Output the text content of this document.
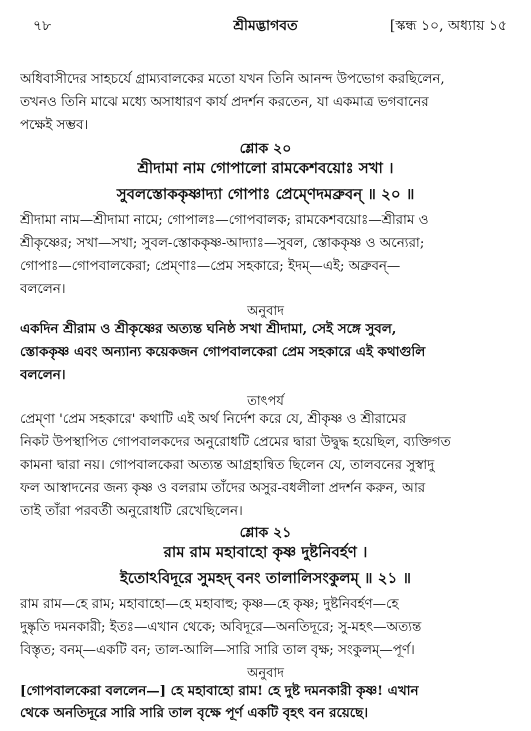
৭৮	শ্রীমদ্ভাগবত	[স্কন্ধ ১০, অধ্যায় ১৫
অধিবাসীদের সাহচর্যে গ্রাম্যবালকের মতো যখন তিনি আনন্দ উপভোগ করছিলেন,
তখনও তিনি মাঝে মধ্যে অসাধারণ কার্য প্রদর্শন করতেন, যা একমাত্র ভগবানের
পক্ষেই সম্ভব।
শ্লোক ২০
শ্রীদামা নাম গোপালো রামকেশবয়োঃ সখা ।
সুবলস্তোককৃষ্ণাদ্যা গোপাঃ প্রেম্ণেদমব্রুবন্ ॥ ২০ ॥
শ্রীদামা নাম—শ্রীদামা নামে; গোপালঃ—গোপবালক; রামকেশবয়োঃ—শ্রীরাম ও
শ্রীকৃষ্ণের; সখা—সখা; সুবল-স্তোককৃষ্ণ-আদ্যাঃ—সুবল, স্তোককৃষ্ণ ও অন্যেরা;
গোপাঃ—গোপবালকেরা; প্রেম্ণাঃ—প্রেম সহকারে; ইদম্—এই; অব্রুবন্—
বললেন।
অনুবাদ
একদিন শ্রীরাম ও শ্রীকৃষ্ণের অত্যন্ত ঘনিষ্ঠ সখা শ্রীদামা, সেই সঙ্গে সুবল,
স্তোককৃষ্ণ এবং অন্যান্য কয়েকজন গোপবালকেরা প্রেম সহকারে এই কথাগুলি
বললেন।
তাৎপর্য
প্রেম্ণা 'প্রেম সহকারে' কথাটি এই অর্থ নির্দেশ করে যে, শ্রীকৃষ্ণ ও শ্রীরামের
নিকট উপস্থাপিত গোপবালকদের অনুরোধটি প্রেমের দ্বারা উদ্বুদ্ধ হয়েছিল, ব্যক্তিগত
কামনা দ্বারা নয়। গোপবালকেরা অত্যন্ত আগ্রহান্বিত ছিলেন যে, তালবনের সুস্বাদু
ফল আস্বাদনের জন্য কৃষ্ণ ও বলরাম তাঁদের অসুর-বধলীলা প্রদর্শন করুন, আর
তাই তাঁরা পরবর্তী অনুরোধটি রেখেছিলেন।
শ্লোক ২১
রাম রাম মহাবাহো কৃষ্ণ দুষ্টনিবর্হণ ।
ইতোঽবিদূরে সুমহদ্ বনং তালালিসংকুলম্ ॥ ২১ ॥
রাম রাম—হে রাম; মহাবাহো—হে মহাবাহু; কৃষ্ণ—হে কৃষ্ণ; দুষ্টনিবর্হণ—হে
দুষ্কৃতি দমনকারী; ইতঃ—এখান থেকে; অবিদূরে—অনতিদূরে; সু-মহৎ—অত্যন্ত
বিস্তৃত; বনম্—একটি বন; তাল-আলি—সারি সারি তাল বৃক্ষ; সংকুলম্—পূর্ণ।
অনুবাদ
[গোপবালকেরা বললেন—] হে মহাবাহো রাম! হে দুষ্ট দমনকারী কৃষ্ণ! এখান
থেকে অনতিদূরে সারি সারি তাল বৃক্ষে পূর্ণ একটি বৃহৎ বন রয়েছে।
